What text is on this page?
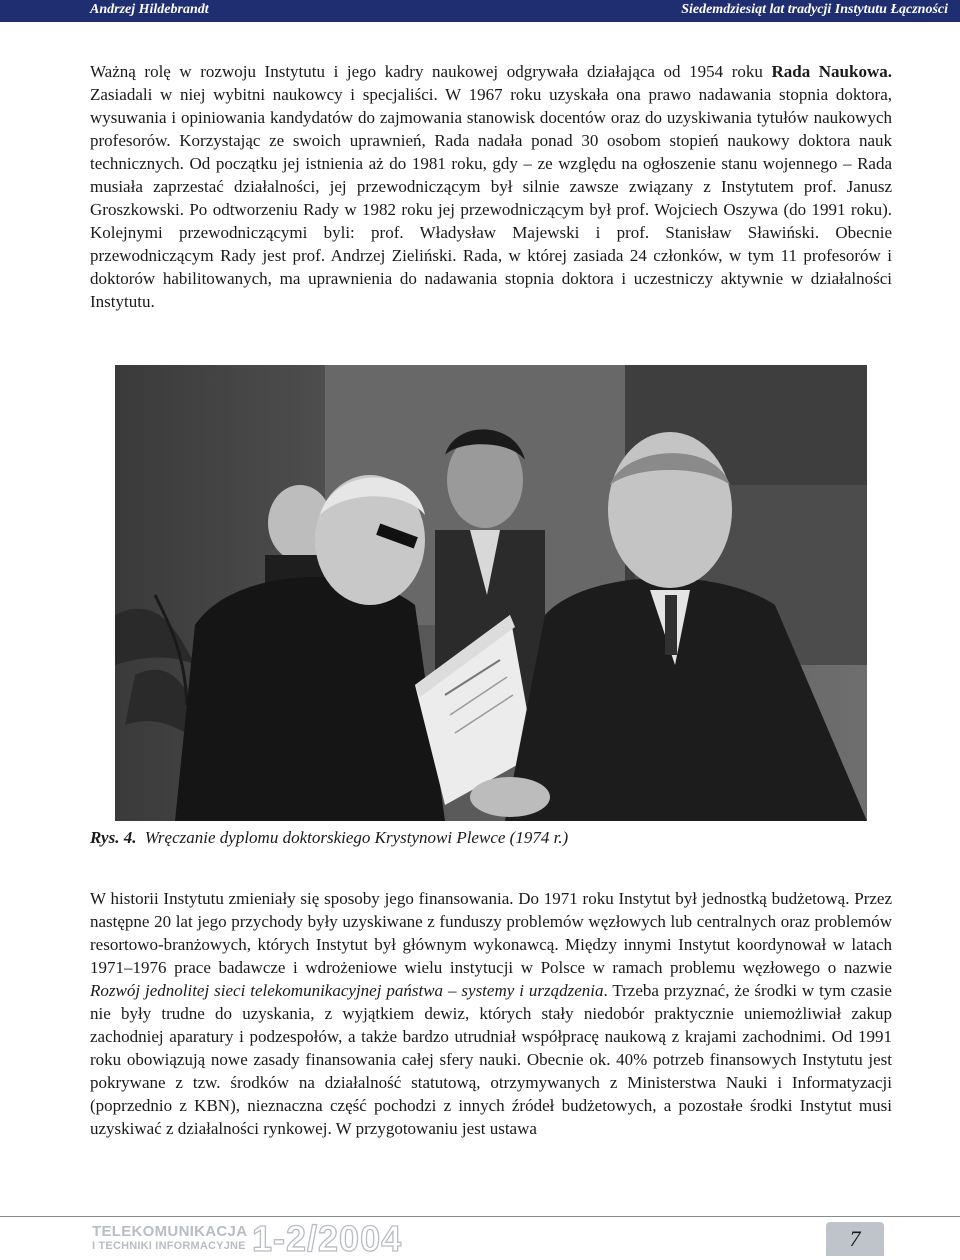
Andrzej Hildebrandt	Siedemdziesiąt lat tradycji Instytutu Łączności

Ważną rolę w rozwoju Instytutu i jego kadry naukowej odgrywała działająca od 1954 roku Rada Naukowa. Zasiadali w niej wybitni naukowcy i specjaliści. W 1967 roku uzyskała ona prawo nadawania stopnia doktora, wysuwania i opiniowania kandydatów do zajmowania stanowisk docentów oraz do uzyskiwania tytułów naukowych profesorów. Korzystając ze swoich uprawnień, Rada nadała ponad 30 osobom stopień naukowy doktora nauk technicznych. Od początku jej istnienia aż do 1981 roku, gdy – ze względu na ogłoszenie stanu wojennego – Rada musiała zaprzestać działalności, jej przewodniczącym był silnie zawsze związany z Instytutem prof. Janusz Groszkowski. Po odtworzeniu Rady w 1982 roku jej przewodniczącym był prof. Wojciech Oszywa (do 1991 roku). Kolejnymi przewodniczącymi byli: prof. Władysław Majewski i prof. Stanisław Sławiński. Obecnie przewodniczącym Rady jest prof. Andrzej Zieliński. Rada, w której zasiada 24 członków, w tym 11 profesorów i doktorów habilitowanych, ma uprawnienia do nadawania stopnia doktora i uczestniczy aktywnie w działalności Instytutu.

Rys. 4. Wręczanie dyplomu doktorskiego Krystynowi Plewce (1974 r.)

W historii Instytutu zmieniały się sposoby jego finansowania. Do 1971 roku Instytut był jednostką budżetową. Przez następne 20 lat jego przychody były uzyskiwane z funduszy problemów węzłowych lub centralnych oraz problemów resortowo-branżowych, których Instytut był głównym wykonawcą. Między innymi Instytut koordynował w latach 1971–1976 prace badawcze i wdrożeniowe wielu instytucji w Polsce w ramach problemu węzłowego o nazwie Rozwój jednolitej sieci telekomunikacyjnej państwa – systemy i urządzenia. Trzeba przyznać, że środki w tym czasie nie były trudne do uzyskania, z wyjątkiem dewiz, których stały niedobór praktycznie uniemożliwiał zakup zachodniej aparatury i podzespołów, a także bardzo utrudniał współpracę naukową z krajami zachodnimi. Od 1991 roku obowiązują nowe zasady finansowania całej sfery nauki. Obecnie ok. 40% potrzeb finansowych Instytutu jest pokrywane z tzw. środków na działalność statutową, otrzymywanych z Ministerstwa Nauki i Informatyzacji (poprzednio z KBN), nieznaczna część pochodzi z innych źródeł budżetowych, a pozostałe środki Instytut musi uzyskiwać z działalności rynkowej. W przygotowaniu jest ustawa

TELEKOMUNIKACJA
I TECHNIKI INFORMACYJNE 1-2/2004	7
